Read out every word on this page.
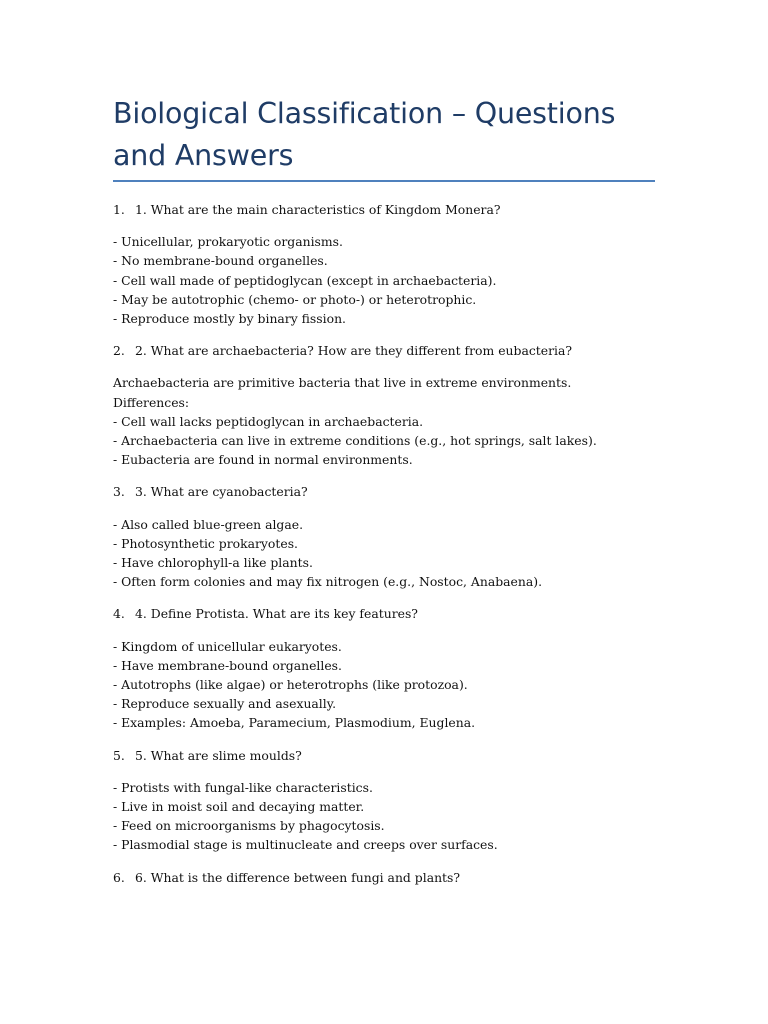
Biological Classification – Questions and Answers
1. 1. What are the main characteristics of Kingdom Monera?
- Unicellular, prokaryotic organisms.
- No membrane-bound organelles.
- Cell wall made of peptidoglycan (except in archaebacteria).
- May be autotrophic (chemo- or photo-) or heterotrophic.
- Reproduce mostly by binary fission.
2. 2. What are archaebacteria? How are they different from eubacteria?
Archaebacteria are primitive bacteria that live in extreme environments.
Differences:
- Cell wall lacks peptidoglycan in archaebacteria.
- Archaebacteria can live in extreme conditions (e.g., hot springs, salt lakes).
- Eubacteria are found in normal environments.
3. 3. What are cyanobacteria?
- Also called blue-green algae.
- Photosynthetic prokaryotes.
- Have chlorophyll-a like plants.
- Often form colonies and may fix nitrogen (e.g., Nostoc, Anabaena).
4. 4. Define Protista. What are its key features?
- Kingdom of unicellular eukaryotes.
- Have membrane-bound organelles.
- Autotrophs (like algae) or heterotrophs (like protozoa).
- Reproduce sexually and asexually.
- Examples: Amoeba, Paramecium, Plasmodium, Euglena.
5. 5. What are slime moulds?
- Protists with fungal-like characteristics.
- Live in moist soil and decaying matter.
- Feed on microorganisms by phagocytosis.
- Plasmodial stage is multinucleate and creeps over surfaces.
6. 6. What is the difference between fungi and plants?
